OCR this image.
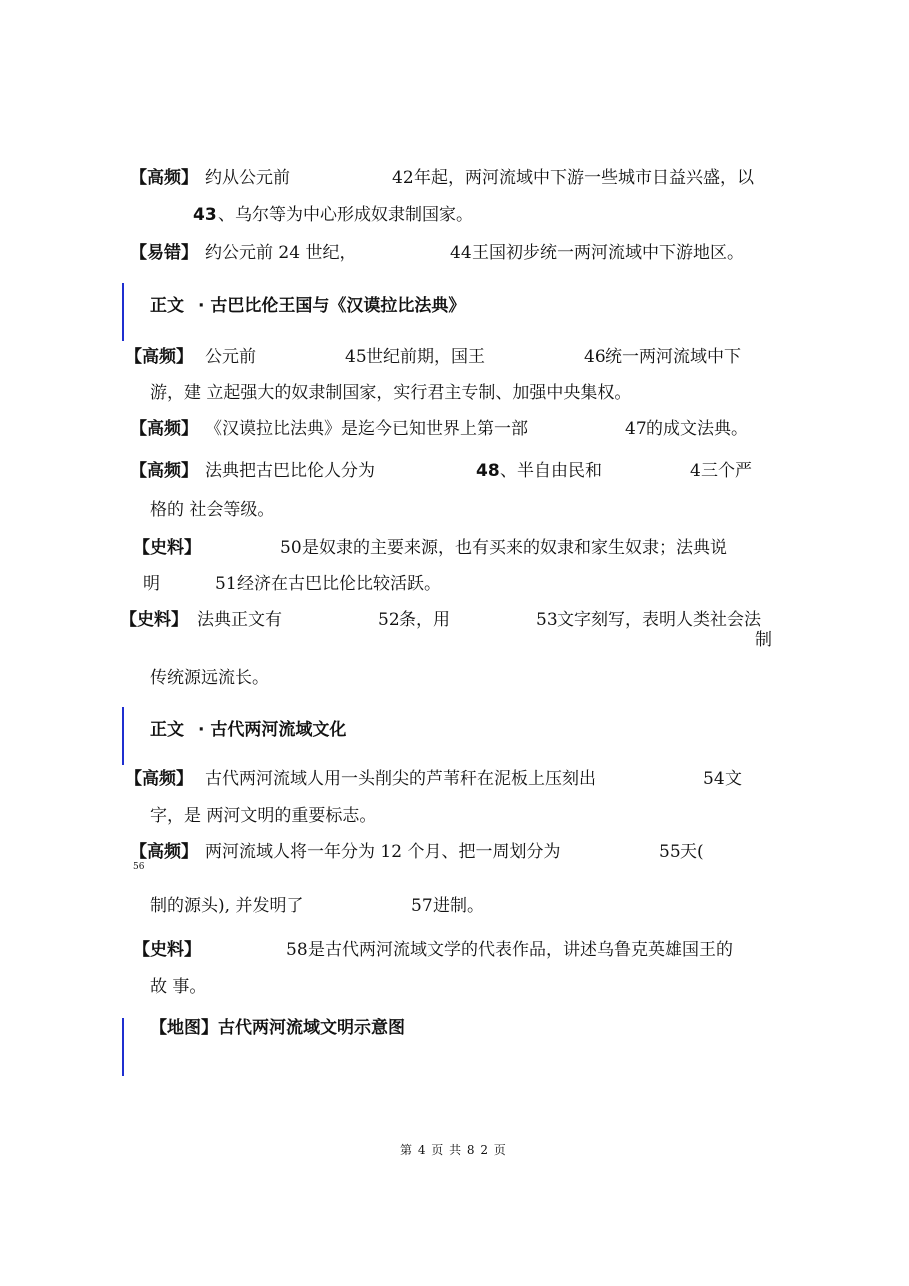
【高频】 约从公元前	42 年起，两河流域中下游一些城市日益兴盛，以
43 、乌尔等为中心形成奴隶制国家。
【易错】 约公元前 24 世纪，	44 王国初步统一两河流域中下游地区。
正文 · 古巴比伦王国与《汉谟拉比法典》
【高频】 公元前	45 世纪前期，国王	46 统一两河流域中下
游，建 立起强大的奴隶制国家，实行君主专制、加强中央集权。
【高频】 《汉谟拉比法典》是迄今已知世界上第一部	47 的成文法典。
【高频】 法典把古巴比伦人分为	48 、半自由民和	4 三个严
格的 社会等级。
【史料】	50 是奴隶的主要来源，也有买来的奴隶和家生奴隶；法典说
明	51 经济在古巴比伦比较活跃。
【史料】 法典正文有	52 条，用	53 文字刻写，表明人类社会法
制
传统源远流长。
正文 · 古代两河流域文化
【高频】 古代两河流域人用一头削尖的芦苇秆在泥板上压刻出	54 文
字，是 两河文明的重要标志。
56
【高频】 两河流域人将一年分为 12 个月、把一周划分为	55 天(
制的源头), 并发明了	57 进制。
【史料】	58 是古代两河流域文学的代表作品，讲述乌鲁克英雄国王的
故 事。
【地图】古代两河流域文明示意图
第 4 页 共 8 2 页
